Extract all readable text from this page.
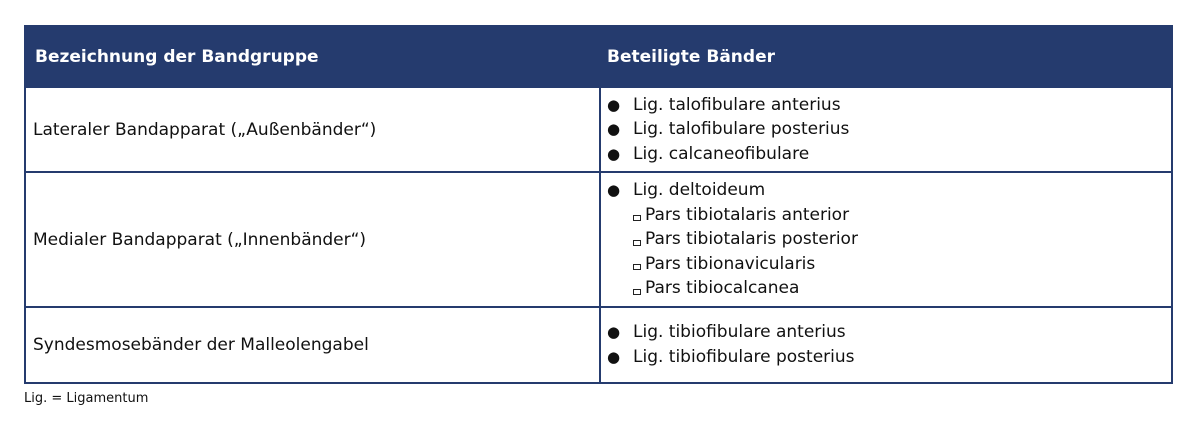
Bezeichnung der Bandgruppe	Beteiligte Bänder
Lateraler Bandapparat („Außenbänder“)
● Lig. talofibulare anterius
● Lig. talofibulare posterius
● Lig. calcaneofibulare
Medialer Bandapparat („Innenbänder“)
● Lig. deltoideum
Pars tibiotalaris anterior
Pars tibiotalaris posterior
Pars tibionavicularis
Pars tibiocalcanea
Syndesmosebänder der Malleolengabel
● Lig. tibiofibulare anterius
● Lig. tibiofibulare posterius
Lig. = Ligamentum
